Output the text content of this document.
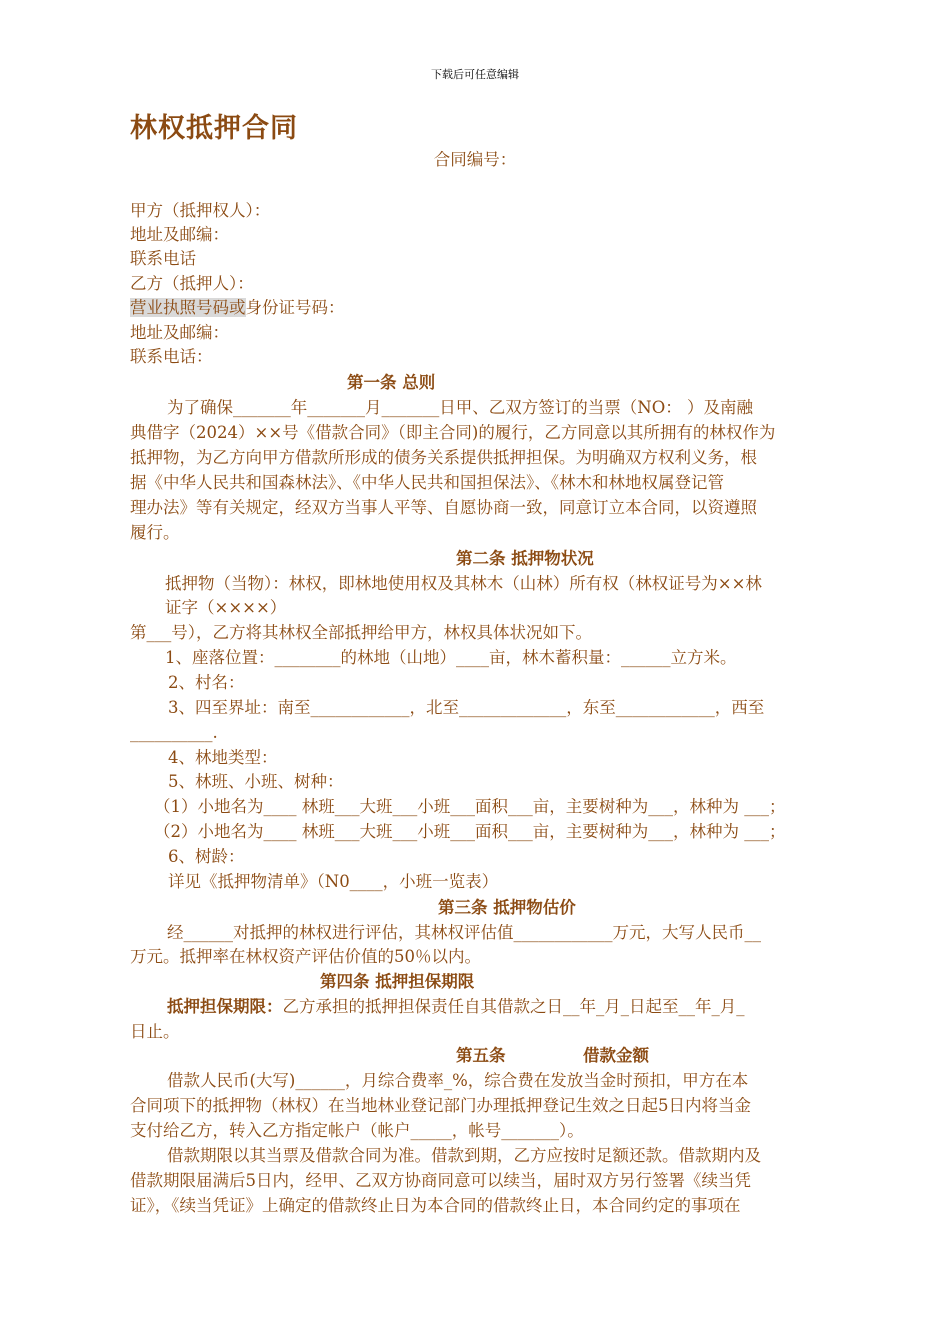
下载后可任意编辑
林权抵押合同
合同编号：
甲方（抵押权人）：
地址及邮编：
联系电话
乙方（抵押人）：
营业执照号码或身份证号码：
地址及邮编：
联系电话：
第一条 总则
为了确保_______年_______月_______日甲、乙双方签订的当票（NO： ）及南融
典借字（2024）××号《借款合同》（即主合同)的履行，乙方同意以其所拥有的林权作为
抵押物，为乙方向甲方借款所形成的债务关系提供抵押担保。为明确双方权利义务，根
据《中华人民共和国森林法》、《中华人民共和国担保法》、《林木和林地权属登记管
理办法》等有关规定，经双方当事人平等、自愿协商一致，同意订立本合同，以资遵照
履行。
第二条 抵押物状况
抵押物（当物）：林权，即林地使用权及其林木（山林）所有权（林权证号为××林
证字（××××）
第___号），乙方将其林权全部抵押给甲方，林权具体状况如下。
1、座落位置：________的林地（山地）____亩，林木蓄积量：______立方米。
2、村名：
3、四至界址：南至____________，北至_____________，东至____________，西至
__________.
4、林地类型：
5、林班、小班、树种：
（1）小地名为____ 林班___大班___小班___面积___亩，主要树种为___，林种为 ___；
（2）小地名为____ 林班___大班___小班___面积___亩，主要树种为___，林种为 ___；
6、树龄：
详见《抵押物清单》（N0____，小班一览表）
第三条 抵押物估价
经______对抵押的林权进行评估，其林权评估值____________万元，大写人民币__
万元。抵押率在林权资产评估价值的50％以内。
第四条 抵押担保期限
抵押担保期限：乙方承担的抵押担保责任自其借款之日__年_月_日起至__年_月_
日止。
第五条	借款金额
借款人民币(大写)______，月综合费率_%，综合费在发放当金时预扣，甲方在本
合同项下的抵押物（林权）在当地林业登记部门办理抵押登记生效之日起5日内将当金
支付给乙方，转入乙方指定帐户（帐户_____，帐号_______）。
借款期限以其当票及借款合同为准。借款到期，乙方应按时足额还款。借款期内及
借款期限届满后5日内，经甲、乙双方协商同意可以续当，届时双方另行签署《续当凭
证》，《续当凭证》上确定的借款终止日为本合同的借款终止日，本合同约定的事项在
